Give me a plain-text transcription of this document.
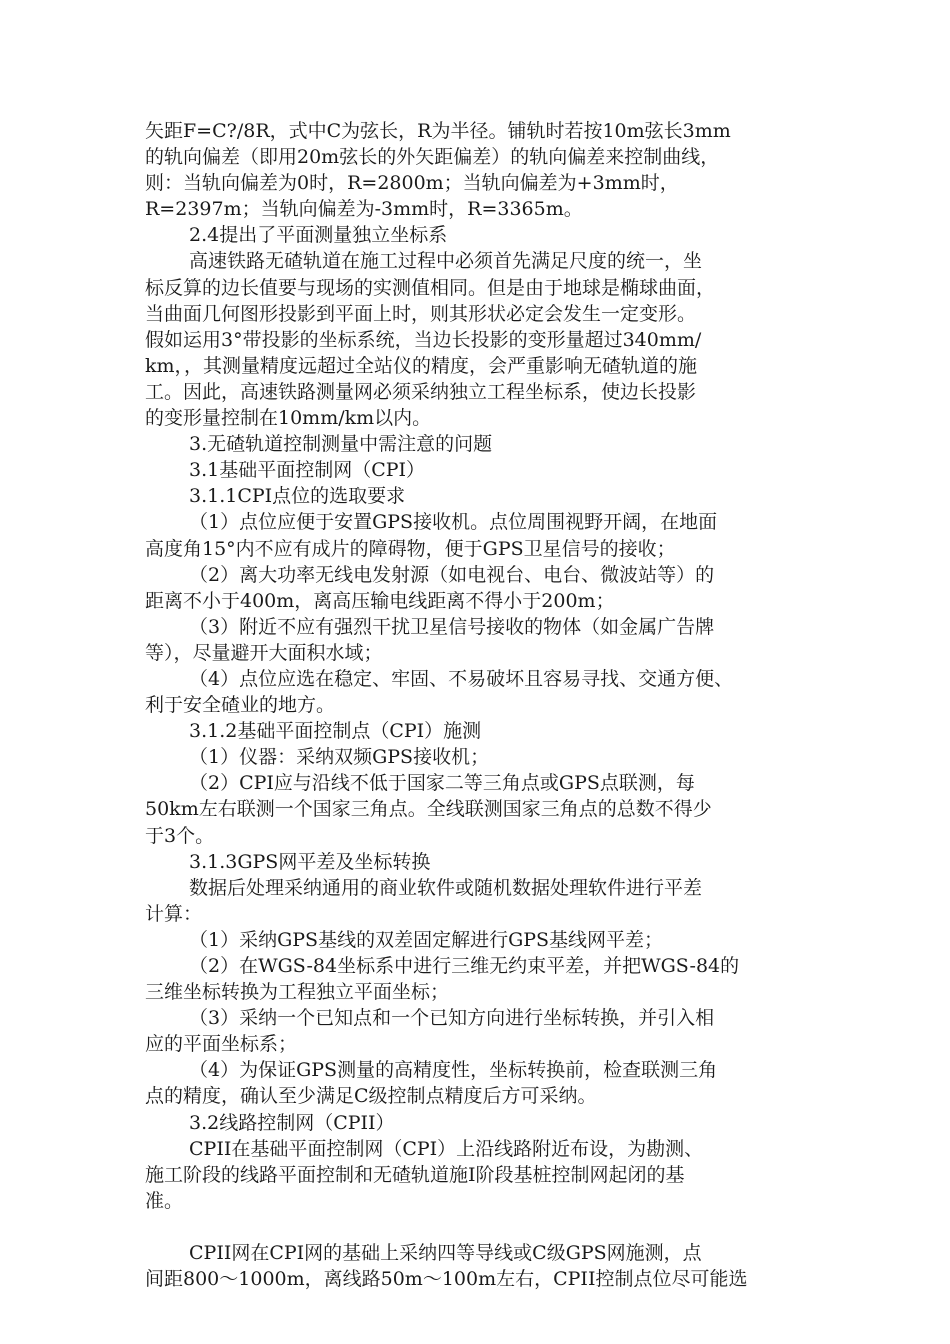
矢距F=C?/8R，式中C为弦长，R为半径。铺轨时若按10m弦长3mm
的轨向偏差（即用20m弦长的外矢距偏差）的轨向偏差来控制曲线，
则：当轨向偏差为0时，R=2800m；当轨向偏差为+3mm时，
R=2397m；当轨向偏差为-3mm时，R=3365m。
2.4提出了平面测量独立坐标系
高速铁路无碴轨道在施工过程中必须首先满足尺度的统一，坐
标反算的边长值要与现场的实测值相同。但是由于地球是椭球曲面，
当曲面几何图形投影到平面上时，则其形状必定会发生一定变形。
假如运用3°带投影的坐标系统，当边长投影的变形量超过340mm/
km，，其测量精度远超过全站仪的精度，会严重影响无碴轨道的施
工。因此，高速铁路测量网必须采纳独立工程坐标系，使边长投影
的变形量控制在10mm/km以内。
3.无碴轨道控制测量中需注意的问题
3.1基础平面控制网（CPI）
3.1.1CPI点位的选取要求
（1）点位应便于安置GPS接收机。点位周围视野开阔，在地面
高度角15°内不应有成片的障碍物，便于GPS卫星信号的接收；
（2）离大功率无线电发射源（如电视台、电台、微波站等）的
距离不小于400m，离高压输电线距离不得小于200m；
（3）附近不应有强烈干扰卫星信号接收的物体（如金属广告牌
等），尽量避开大面积水域；
（4）点位应选在稳定、牢固、不易破坏且容易寻找、交通方便、
利于安全碴业的地方。
3.1.2基础平面控制点（CPI）施测
（1）仪器：采纳双频GPS接收机；
（2）CPI应与沿线不低于国家二等三角点或GPS点联测，每
50km左右联测一个国家三角点。全线联测国家三角点的总数不得少
于3个。
3.1.3GPS网平差及坐标转换
数据后处理采纳通用的商业软件或随机数据处理软件进行平差
计算：
（1）采纳GPS基线的双差固定解进行GPS基线网平差；
（2）在WGS-84坐标系中进行三维无约束平差，并把WGS-84的
三维坐标转换为工程独立平面坐标；
（3）采纳一个已知点和一个已知方向进行坐标转换，并引入相
应的平面坐标系；
（4）为保证GPS测量的高精度性，坐标转换前，检查联测三角
点的精度，确认至少满足C级控制点精度后方可采纳。
3.2线路控制网（CPII）
CPII在基础平面控制网（CPI）上沿线路附近布设，为勘测、
施工阶段的线路平面控制和无碴轨道施I阶段基桩控制网起闭的基
准。
CPII网在CPI网的基础上采纳四等导线或C级GPS网施测，点
间距800～1000m，离线路50m～100m左右，CPII控制点位尽可能选
